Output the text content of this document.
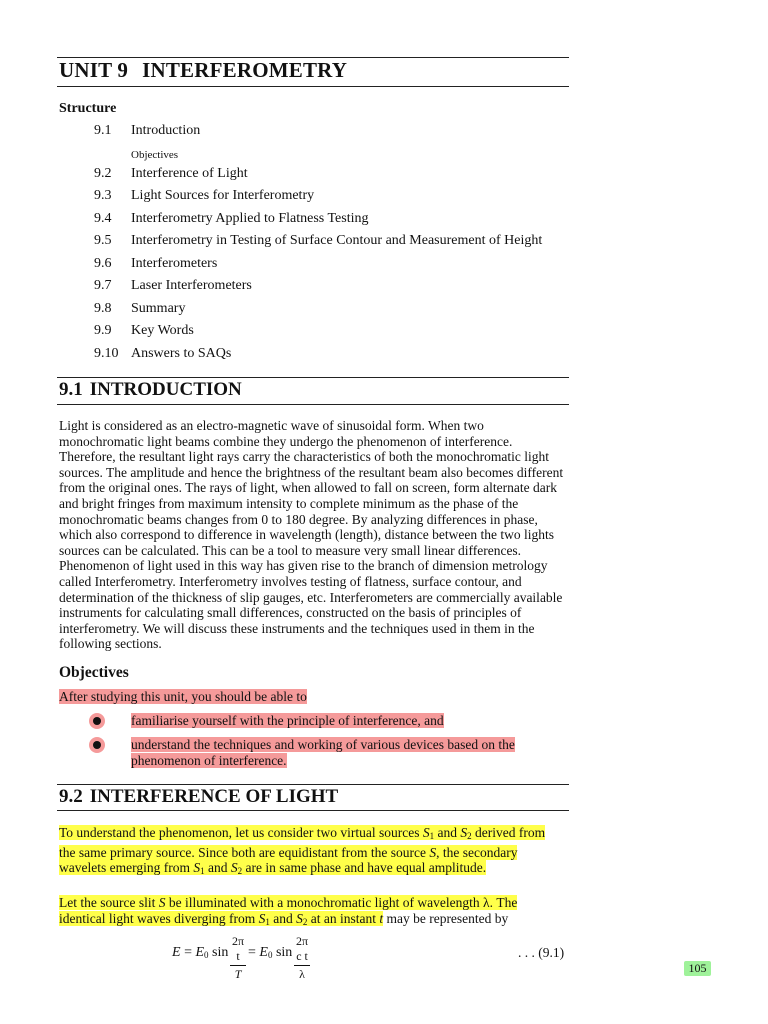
UNIT 9 INTERFEROMETRY
Structure
9.1	Introduction
Objectives
9.2	Interference of Light
9.3	Light Sources for Interferometry
9.4	Interferometry Applied to Flatness Testing
9.5	Interferometry in Testing of Surface Contour and Measurement of Height
9.6	Interferometers
9.7	Laser Interferometers
9.8	Summary
9.9	Key Words
9.10 Answers to SAQs
9.1 INTRODUCTION

Light is considered as an electro-magnetic wave of sinusoidal form. When two monochromatic light beams combine they undergo the phenomenon of interference. Therefore, the resultant light rays carry the characteristics of both the monochromatic light sources. The amplitude and hence the brightness of the resultant beam also becomes different from the original ones. The rays of light, when allowed to fall on screen, form alternate dark and bright fringes from maximum intensity to complete minimum as the phase of the monochromatic beams changes from 0 to 180 degree. By analyzing differences in phase, which also correspond to difference in wavelength (length), distance between the two lights sources can be calculated. This can be a tool to measure very small linear differences. Phenomenon of light used in this way has given rise to the branch of dimension metrology called Interferometry. Interferometry involves testing of flatness, surface contour, and determination of the thickness of slip gauges, etc. Interferometers are commercially available instruments for calculating small differences, constructed on the basis of principles of interferometry. We will discuss these instruments and the techniques used in them in the following sections.

Objectives
After studying this unit, you should be able to
familiarise yourself with the principle of interference, and
understand the techniques and working of various devices based on the phenomenon of interference.
9.2 INTERFERENCE OF LIGHT

To understand the phenomenon, let us consider two virtual sources S1 and S2 derived from the same primary source. Since both are equidistant from the source S, the secondary wavelets emerging from S1 and S2 are in same phase and have equal amplitude.

Let the source slit S be illuminated with a monochromatic light of wavelength λ. The identical light waves diverging from S1 and S2 at an instant t may be represented by

E = E0 $\sin \frac{\text{2π t}}{T} = E0$ $\sin \frac{\text{2π c t}}{\lambda}$	. . . (9.1)
105
